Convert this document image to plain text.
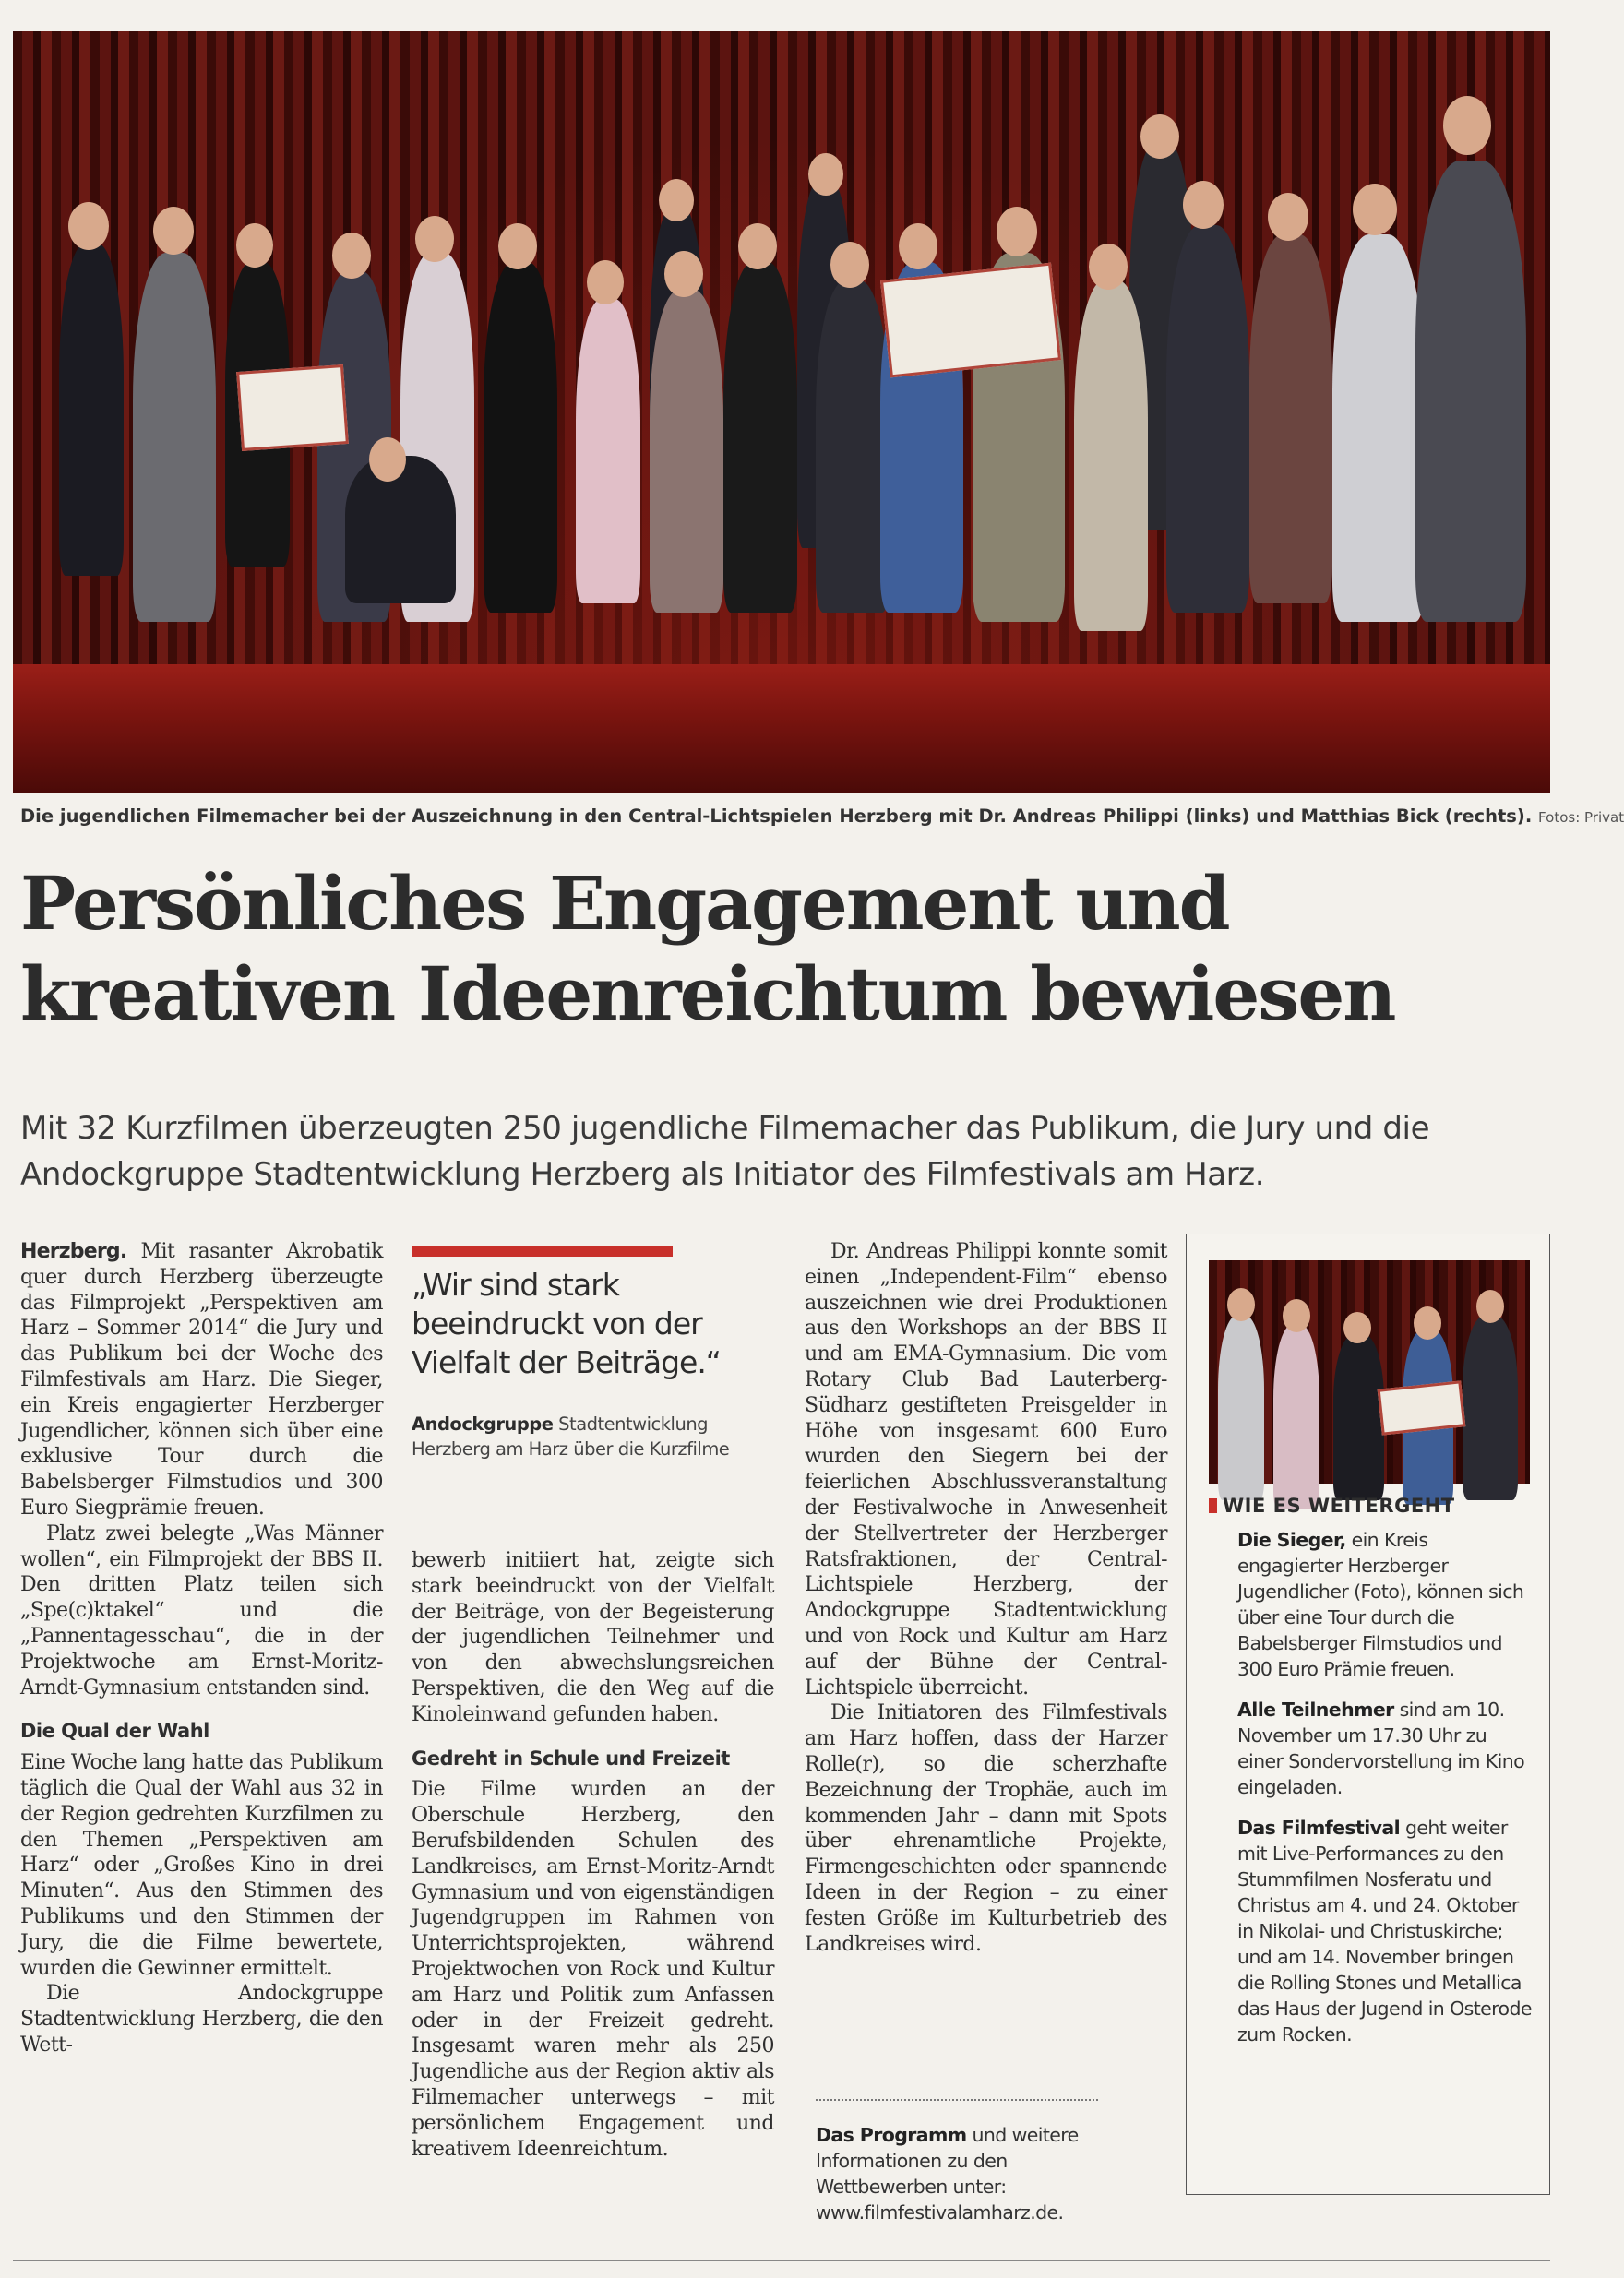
Die jugendlichen Filmemacher bei der Auszeichnung in den Central-Lichtspielen Herzberg mit Dr. Andreas Philippi (links) und Matthias Bick (rechts). Fotos: Privat
Persönliches Engagement und
kreativen Ideenreichtum bewiesen

Mit 32 Kurzfilmen überzeugten 250 jugendliche Filmemacher das Publikum, die Jury und die Andockgruppe Stadtentwicklung Herzberg als Initiator des Filmfestivals am Harz.

Herzberg. Mit rasanter Akrobatik quer durch Herzberg überzeugte das Filmprojekt „Perspektiven am Harz – Sommer 2014“ die Jury und das Publikum bei der Woche des Filmfestivals am Harz. Die Sieger, ein Kreis engagierter Herzberger Jugendlicher, können sich über eine exklusive Tour durch die Babelsberger Filmstudios und 300 Euro Siegprämie freuen.

Platz zwei belegte „Was Männer wollen“, ein Filmprojekt der BBS II. Den dritten Platz teilen sich „Spe(c)ktakel“ und die „Pannentagesschau“, die in der Projektwoche am Ernst-Moritz-Arndt-Gymnasium entstanden sind.

Die Qual der Wahl

Eine Woche lang hatte das Publikum täglich die Qual der Wahl aus 32 in der Region gedrehten Kurzfilmen zu den Themen „Perspektiven am Harz“ oder „Großes Kino in drei Minuten“. Aus den Stimmen des Publikums und den Stimmen der Jury, die die Filme bewertete, wurden die Gewinner ermittelt.

Die Andockgruppe Stadtentwicklung Herzberg, die den Wett-

„Wir sind stark beeindruckt von der Vielfalt der Beiträge.“

Andockgruppe Stadtentwicklung Herzberg am Harz über die Kurzfilme

bewerb initiiert hat, zeigte sich stark beeindruckt von der Vielfalt der Beiträge, von der Begeisterung der jugendlichen Teilnehmer und von den abwechslungsreichen Perspektiven, die den Weg auf die Kinoleinwand gefunden haben.

Gedreht in Schule und Freizeit

Die Filme wurden an der Oberschule Herzberg, den Berufsbildenden Schulen des Landkreises, am Ernst-Moritz-Arndt Gymnasium und von eigenständigen Jugendgruppen im Rahmen von Unterrichtsprojekten, während Projektwochen von Rock und Kultur am Harz und Politik zum Anfassen oder in der Freizeit gedreht. Insgesamt waren mehr als 250 Jugendliche aus der Region aktiv als Filmemacher unterwegs – mit persönlichem Engagement und kreativem Ideenreichtum.

Dr. Andreas Philippi konnte somit einen „Independent-Film“ ebenso auszeichnen wie drei Produktionen aus den Workshops an der BBS II und am EMA-Gymnasium. Die vom Rotary Club Bad Lauterberg-Südharz gestifteten Preisgelder in Höhe von insgesamt 600 Euro wurden den Siegern bei der feierlichen Abschlussveranstaltung der Festivalwoche in Anwesenheit der Stellvertreter der Herzberger Ratsfraktionen, der Central-Lichtspiele Herzberg, der Andockgruppe Stadtentwicklung und von Rock und Kultur am Harz auf der Bühne der Central-Lichtspiele überreicht.

Die Initiatoren des Filmfestivals am Harz hoffen, dass der Harzer Rolle(r), so die scherzhafte Bezeichnung der Trophäe, auch im kommenden Jahr – dann mit Spots über ehrenamtliche Projekte, Firmengeschichten oder spannende Ideen in der Region – zu einer festen Größe im Kulturbetrieb des Landkreises wird.

Das Programm und weitere Informationen zu den Wettbewerben unter: www.filmfestivalamharz.de.
WIE ES WEITERGEHT

Die Sieger, ein Kreis engagierter Herzberger Jugendlicher (Foto), können sich über eine Tour durch die Babelsberger Filmstudios und 300 Euro Prämie freuen.

Alle Teilnehmer sind am 10. November um 17.30 Uhr zu einer Sondervorstellung im Kino eingeladen.

Das Filmfestival geht weiter mit Live-Performances zu den Stummfilmen Nosferatu und Christus am 4. und 24. Oktober in Nikolai- und Christuskirche; und am 14. November bringen die Rolling Stones und Metallica das Haus der Jugend in Osterode zum Rocken.
